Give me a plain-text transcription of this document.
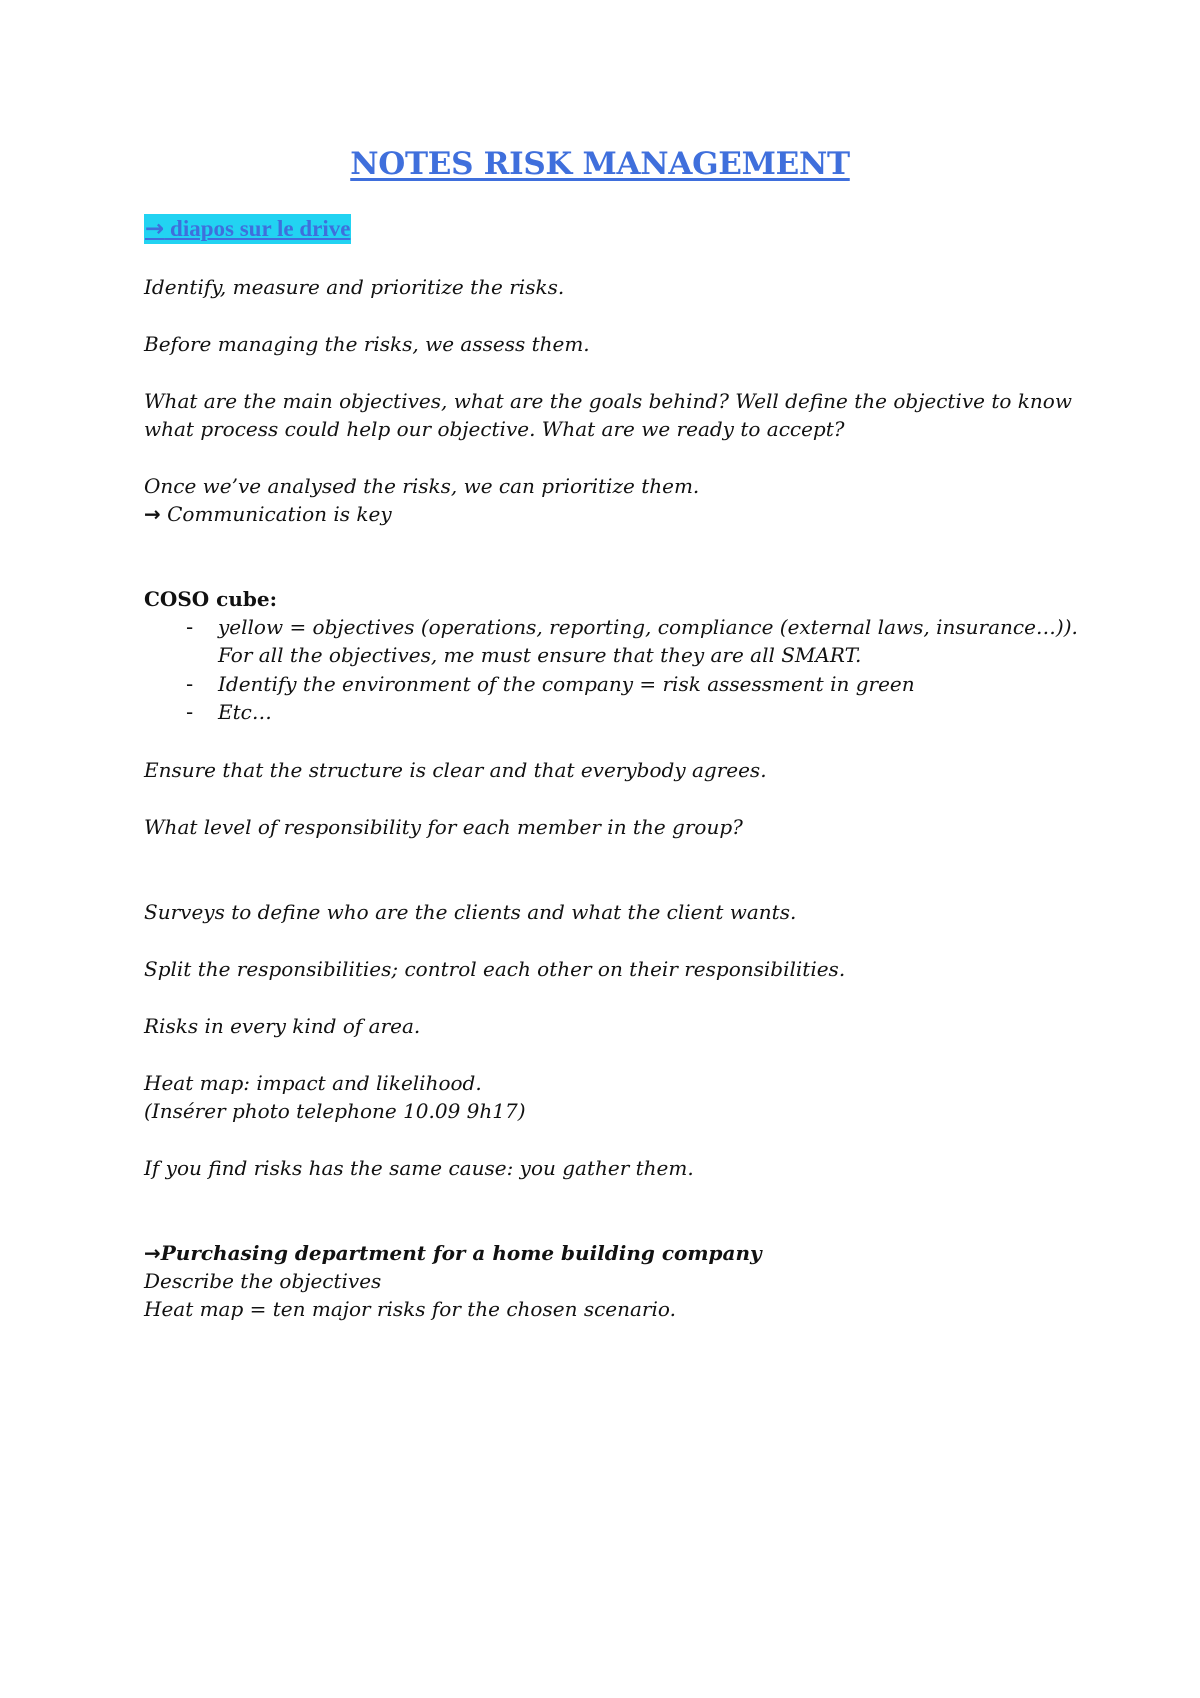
NOTES RISK MANAGEMENT
→ diapos sur le drive
Identify, measure and prioritize the risks.
Before managing the risks, we assess them.
What are the main objectives, what are the goals behind? Well define the objective to know
what process could help our objective. What are we ready to accept?
Once we’ve analysed the risks, we can prioritize them.
→ Communication is key
COSO cube:
- yellow = objectives (operations, reporting, compliance (external laws, insurance…)).
For all the objectives, me must ensure that they are all SMART.
- Identify the environment of the company = risk assessment in green
- Etc…
Ensure that the structure is clear and that everybody agrees.
What level of responsibility for each member in the group?
Surveys to define who are the clients and what the client wants.
Split the responsibilities; control each other on their responsibilities.
Risks in every kind of area.
Heat map: impact and likelihood.
(Insérer photo telephone 10.09 9h17)
If you find risks has the same cause: you gather them.
→Purchasing department for a home building company
Describe the objectives
Heat map = ten major risks for the chosen scenario.
